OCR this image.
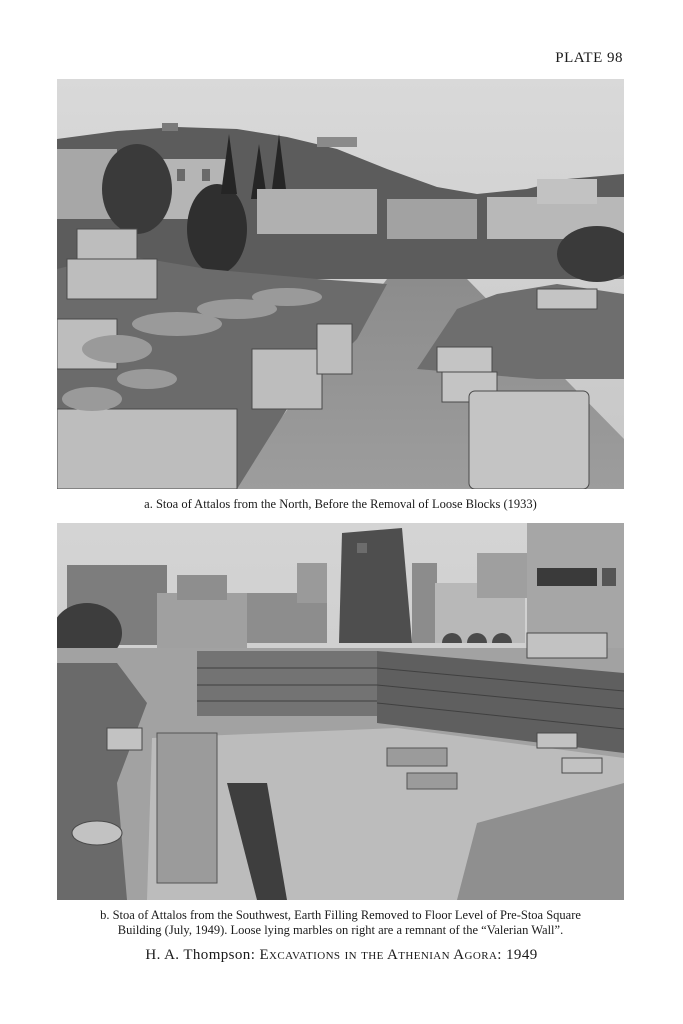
PLATE 98
a. Stoa of Attalos from the North, Before the Removal of Loose Blocks (1933)
b. Stoa of Attalos from the Southwest, Earth Filling Removed to Floor Level of Pre-Stoa Square
Building (July, 1949). Loose lying marbles on right are a remnant of the “Valerian Wall”.
H. A. Thompson: Excavations in the Athenian Agora: 1949
